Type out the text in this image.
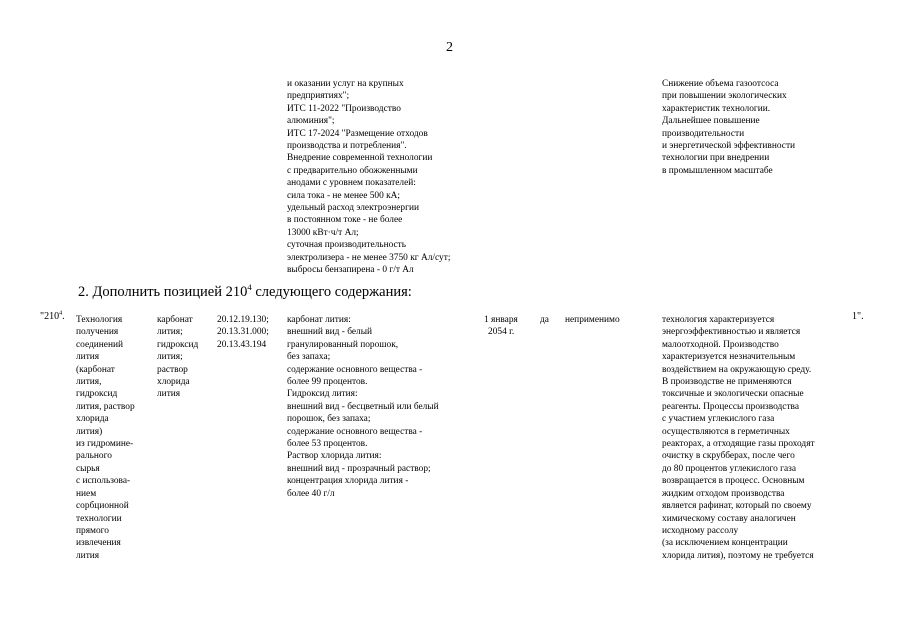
2
и оказании услуг на крупных
предприятиях";
ИТС 11-2022 "Производство
алюминия";
ИТС 17-2024 "Размещение отходов
производства и потребления".
Внедрение современной технологии
с предварительно обожженными
анодами с уровнем показателей:
сила тока - не менее 500 кА;
удельный расход электроэнергии
в постоянном токе - не более
13000 кВт·ч/т Ал;
суточная производительность
электролизера - не менее 3750 кг Ал/сут;
выбросы бензапирена - 0 г/т Ал
Снижение объема газоотсоса
при повышении экологических
характеристик технологии.
Дальнейшее повышение
производительности
и энергетической эффективности
технологии при внедрении
в промышленном масштабе
2. Дополнить позицией $210^4$ следующего содержания:
"$210^4$. Технология
получения
соединений
лития
(карбонат
лития,
гидроксид
лития, раствор
хлорида
лития)
из гидромине-
рального
сырья
с использова-
нием
сорбционной
технологии
прямого
извлечения
лития
карбонат
лития;
гидроксид
лития;
раствор
хлорида
лития
20.12.19.130;
20.13.31.000;
20.13.43.194
карбонат лития:
внешний вид - белый
гранулированный порошок,
без запаха;
содержание основного вещества -
более 99 процентов.
Гидроксид лития:
внешний вид - бесцветный или белый
порошок, без запаха;
содержание основного вещества -
более 53 процентов.
Раствор хлорида лития:
внешний вид - прозрачный раствор;
концентрация хлорида лития -
более 40 г/л
1 января
2054 г.
да неприменимо	технология характеризуется
энергоэффективностью и является
малоотходной. Производство
характеризуется незначительным
воздействием на окружающую среду.
В производстве не применяются
токсичные и экологически опасные
реагенты. Процессы производства
с участием углекислого газа
осуществляются в герметичных
реакторах, а отходящие газы проходят
очистку в скрубберах, после чего
до 80 процентов углекислого газа
возвращается в процесс. Основным
жидким отходом производства
является рафинат, который по своему
химическому составу аналогичен
исходному рассолу
(за исключением концентрации
хлорида лития), поэтому не требуется
1".
